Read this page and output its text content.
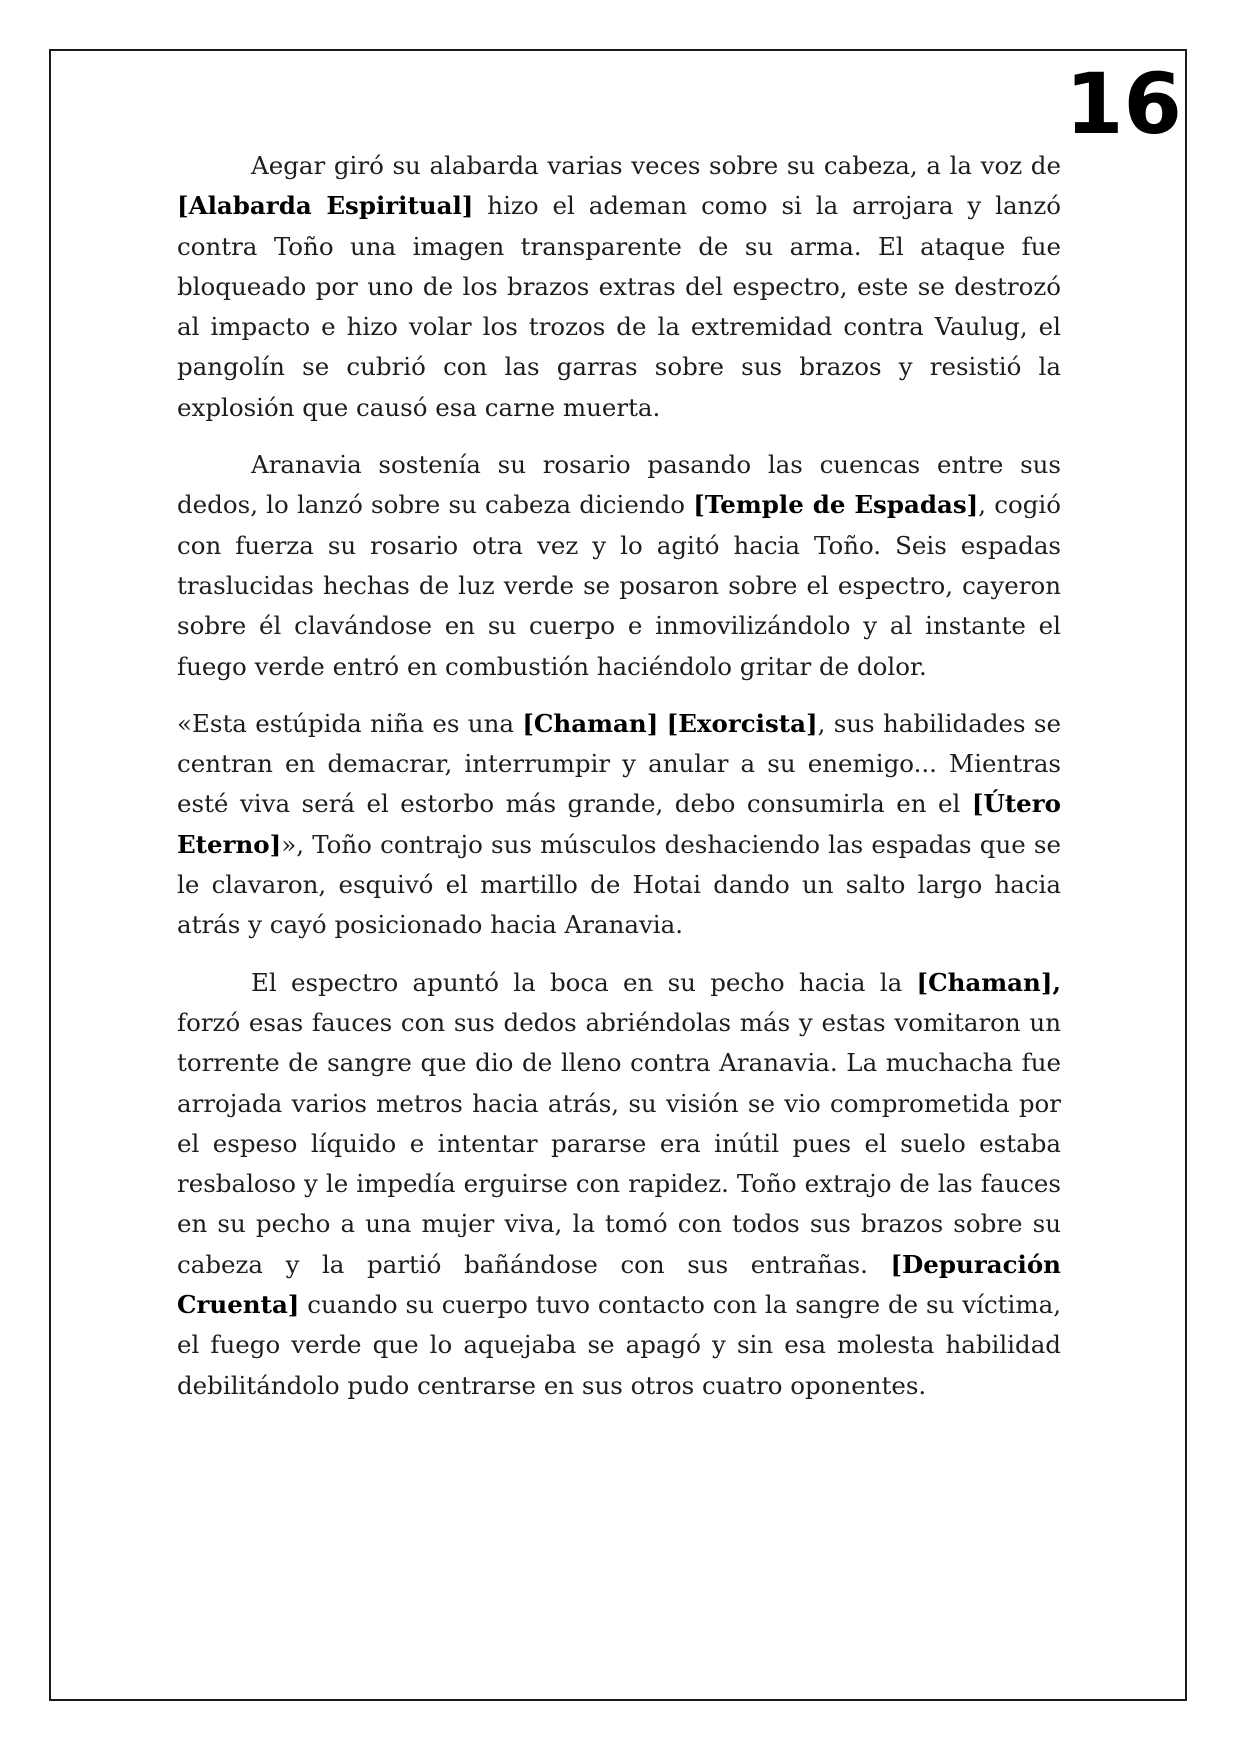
16

Aegar giró su alabarda varias veces sobre su cabeza, a la voz de [Alabarda Espiritual] hizo el ademan como si la arrojara y lanzó contra Toño una imagen transparente de su arma. El ataque fue bloqueado por uno de los brazos extras del espectro, este se destrozó al impacto e hizo volar los trozos de la extremidad contra Vaulug, el pangolín se cubrió con las garras sobre sus brazos y resistió la explosión que causó esa carne muerta.

Aranavia sostenía su rosario pasando las cuencas entre sus dedos, lo lanzó sobre su cabeza diciendo [Temple de Espadas], cogió con fuerza su rosario otra vez y lo agitó hacia Toño. Seis espadas traslucidas hechas de luz verde se posaron sobre el espectro, cayeron sobre él clavándose en su cuerpo e inmovilizándolo y al instante el fuego verde entró en combustión haciéndolo gritar de dolor.

«Esta estúpida niña es una [Chaman] [Exorcista], sus habilidades se centran en demacrar, interrumpir y anular a su enemigo... Mientras esté viva será el estorbo más grande, debo consumirla en el [Útero Eterno]», Toño contrajo sus músculos deshaciendo las espadas que se le clavaron, esquivó el martillo de Hotai dando un salto largo hacia atrás y cayó posicionado hacia Aranavia.

El espectro apuntó la boca en su pecho hacia la [Chaman], forzó esas fauces con sus dedos abriéndolas más y estas vomitaron un torrente de sangre que dio de lleno contra Aranavia. La muchacha fue arrojada varios metros hacia atrás, su visión se vio comprometida por el espeso líquido e intentar pararse era inútil pues el suelo estaba resbaloso y le impedía erguirse con rapidez. Toño extrajo de las fauces en su pecho a una mujer viva, la tomó con todos sus brazos sobre su cabeza y la partió bañándose con sus entrañas. [Depuración Cruenta] cuando su cuerpo tuvo contacto con la sangre de su víctima, el fuego verde que lo aquejaba se apagó y sin esa molesta habilidad debilitándolo pudo centrarse en sus otros cuatro oponentes.
